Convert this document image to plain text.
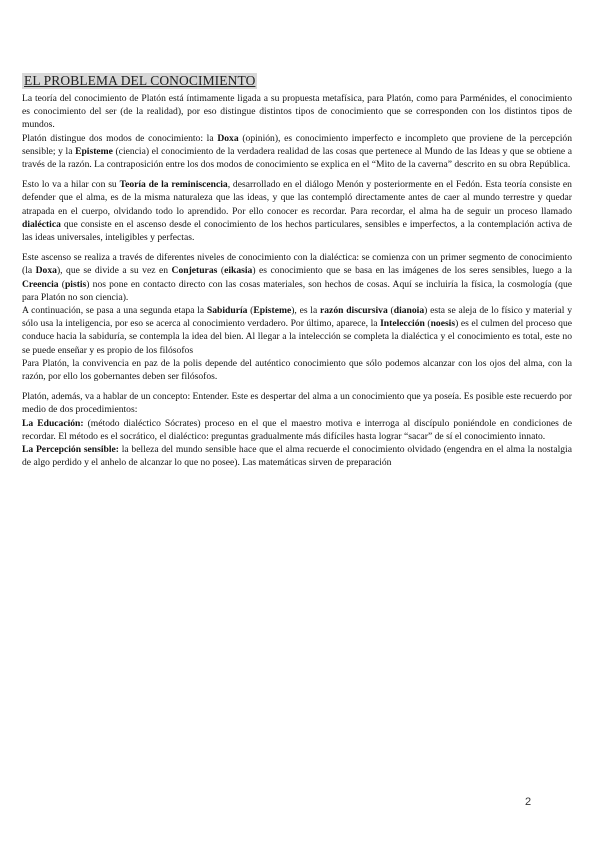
EL PROBLEMA DEL CONOCIMIENTO

La teoría del conocimiento de Platón está íntimamente ligada a su propuesta metafísica, para Platón, como para Parménides, el conocimiento es conocimiento del ser (de la realidad), por eso distingue distintos tipos de conocimiento que se corresponden con los distintos tipos de mundos.

Platón distingue dos modos de conocimiento: la Doxa (opinión), es conocimiento imperfecto e incompleto que proviene de la percepción sensible; y la Episteme (ciencia) el conocimiento de la verdadera realidad de las cosas que pertenece al Mundo de las Ideas y que se obtiene a través de la razón. La contraposición entre los dos modos de conocimiento se explica en el “Mito de la caverna” descrito en su obra República.

Esto lo va a hilar con su Teoría de la reminiscencia, desarrollado en el diálogo Menón y posteriormente en el Fedón. Esta teoría consiste en defender que el alma, es de la misma naturaleza que las ideas, y que las contempló directamente antes de caer al mundo terrestre y quedar atrapada en el cuerpo, olvidando todo lo aprendido. Por ello conocer es recordar. Para recordar, el alma ha de seguir un proceso llamado dialéctica que consiste en el ascenso desde el conocimiento de los hechos particulares, sensibles e imperfectos, a la contemplación activa de las ideas universales, inteligibles y perfectas.

Este ascenso se realiza a través de diferentes niveles de conocimiento con la dialéctica: se comienza con un primer segmento de conocimiento (la Doxa), que se divide a su vez en Conjeturas (eikasia) es conocimiento que se basa en las imágenes de los seres sensibles, luego a la Creencia (pistis) nos pone en contacto directo con las cosas materiales, son hechos de cosas. Aquí se incluiría la física, la cosmología (que para Platón no son ciencia).

A continuación, se pasa a una segunda etapa la Sabiduría (Episteme), es la razón discursiva (dianoia) esta se aleja de lo físico y material y sólo usa la inteligencia, por eso se acerca al conocimiento verdadero. Por último, aparece, la Intelección (noesis) es el culmen del proceso que conduce hacia la sabiduría, se contempla la idea del bien. Al llegar a la intelección se completa la dialéctica y el conocimiento es total, este no se puede enseñar y es propio de los filósofos

Para Platón, la convivencia en paz de la polis depende del auténtico conocimiento que sólo podemos alcanzar con los ojos del alma, con la razón, por ello los gobernantes deben ser filósofos.

Platón, además, va a hablar de un concepto: Entender. Este es despertar del alma a un conocimiento que ya poseía. Es posible este recuerdo por medio de dos procedimientos:

La Educación: (método dialéctico Sócrates) proceso en el que el maestro motiva e interroga al discípulo poniéndole en condiciones de recordar. El método es el socrático, el dialéctico: preguntas gradualmente más difíciles hasta lograr “sacar” de sí el conocimiento innato.

La Percepción sensible: la belleza del mundo sensible hace que el alma recuerde el conocimiento olvidado (engendra en el alma la nostalgia de algo perdido y el anhelo de alcanzar lo que no posee). Las matemáticas sirven de preparación

2
